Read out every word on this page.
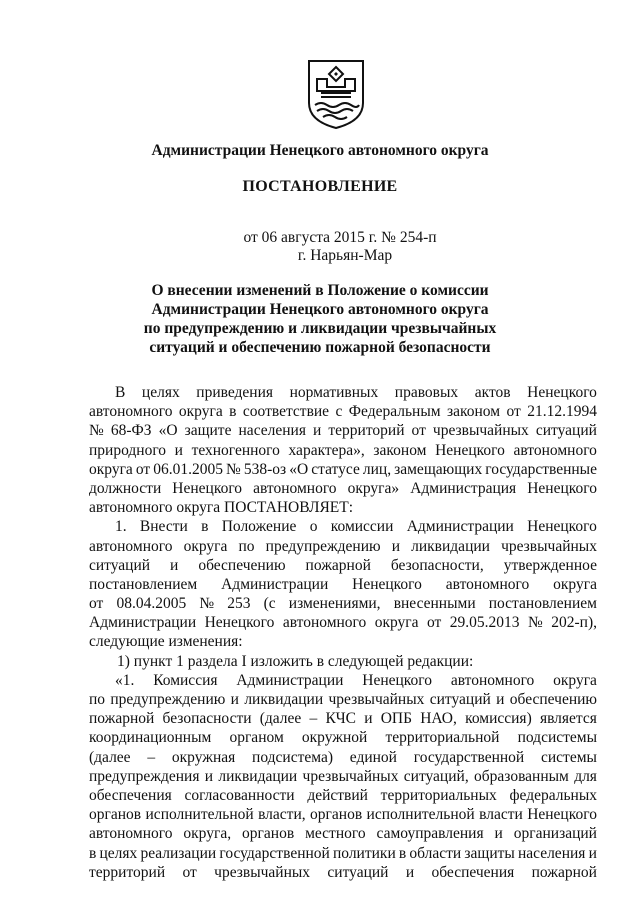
Администрации Ненецкого автономного округа
ПОСТАНОВЛЕНИЕ
от 06 августа 2015 г. № 254-п
г. Нарьян-Мар
О внесении изменений в Положение о комиссии
Администрации Ненецкого автономного округа
по предупреждению и ликвидации чрезвычайных
ситуаций и обеспечению пожарной безопасности
В целях приведения нормативных правовых актов Ненецкого
автономного округа в соответствие с Федеральным законом от 21.12.1994
№ 68-ФЗ «О защите населения и территорий от чрезвычайных ситуаций
природного и техногенного характера», законом Ненецкого автономного
округа от 06.01.2005 № 538-оз «О статусе лиц, замещающих государственные
должности Ненецкого автономного округа» Администрация Ненецкого
автономного округа ПОСТАНОВЛЯЕТ:
1. Внести в Положение о комиссии Администрации Ненецкого
автономного округа по предупреждению и ликвидации чрезвычайных
ситуаций и обеспечению пожарной безопасности, утвержденное
постановлением Администрации Ненецкого автономного округа
от 08.04.2005 № 253 (с изменениями, внесенными постановлением
Администрации Ненецкого автономного округа от 29.05.2013 № 202-п),
следующие изменения:
1) пункт 1 раздела I изложить в следующей редакции:
«1. Комиссия Администрации Ненецкого автономного округа
по предупреждению и ликвидации чрезвычайных ситуаций и обеспечению
пожарной безопасности (далее – КЧС и ОПБ НАО, комиссия) является
координационным органом окружной территориальной подсистемы
(далее – окружная подсистема) единой государственной системы
предупреждения и ликвидации чрезвычайных ситуаций, образованным для
обеспечения согласованности действий территориальных федеральных
органов исполнительной власти, органов исполнительной власти Ненецкого
автономного округа, органов местного самоуправления и организаций
в целях реализации государственной политики в области защиты населения и
территорий от чрезвычайных ситуаций и обеспечения пожарной
